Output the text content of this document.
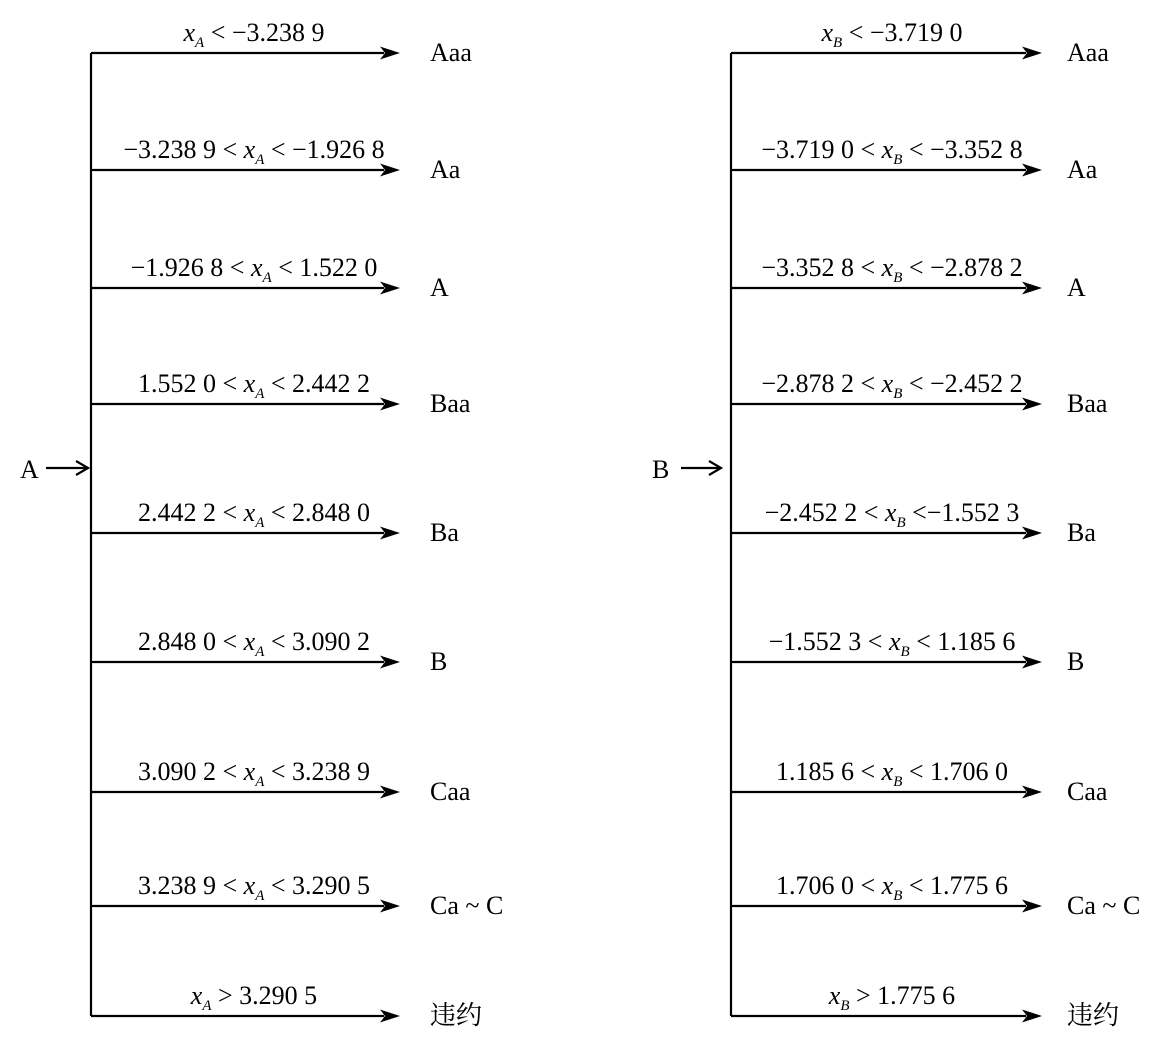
A
$x_A < -3.238$ 9
Aaa
−3.238 $9 < x_A < -1.926$ 8
Aa
−1.926 $8 < x_A < 1.522$ 0
A
1.552 $0 < x_A < 2.442$ 2
Baa
2.442 $2 < x_A < 2.848$ 0
Ba
2.848 $0 < x_A < 3.090$ 2
B
3.090 $2 < x_A < 3.238$ 9
Caa
3.238 $9 < x_A < 3.290$ 5
Ca ~ C
$x_A > 3.290$ 5
违约
B
$x_B < -3.719$ 0
Aaa
−3.719 $0 < x_B < -3.352$ 8
Aa
−3.352 $8 < x_B < -2.878$ 2
A
−2.878 $2 < x_B < -2.452$ 2
Baa
−2.452 $2 < x_B <-1.552$ 3
Ba
−1.552 $3 < x_B < 1.185$ 6
B
1.185 $6 < x_B < 1.706$ 0
Caa
1.706 $0 < x_B < 1.775$ 6
Ca ~ C
$x_B > 1.775$ 6
违约
